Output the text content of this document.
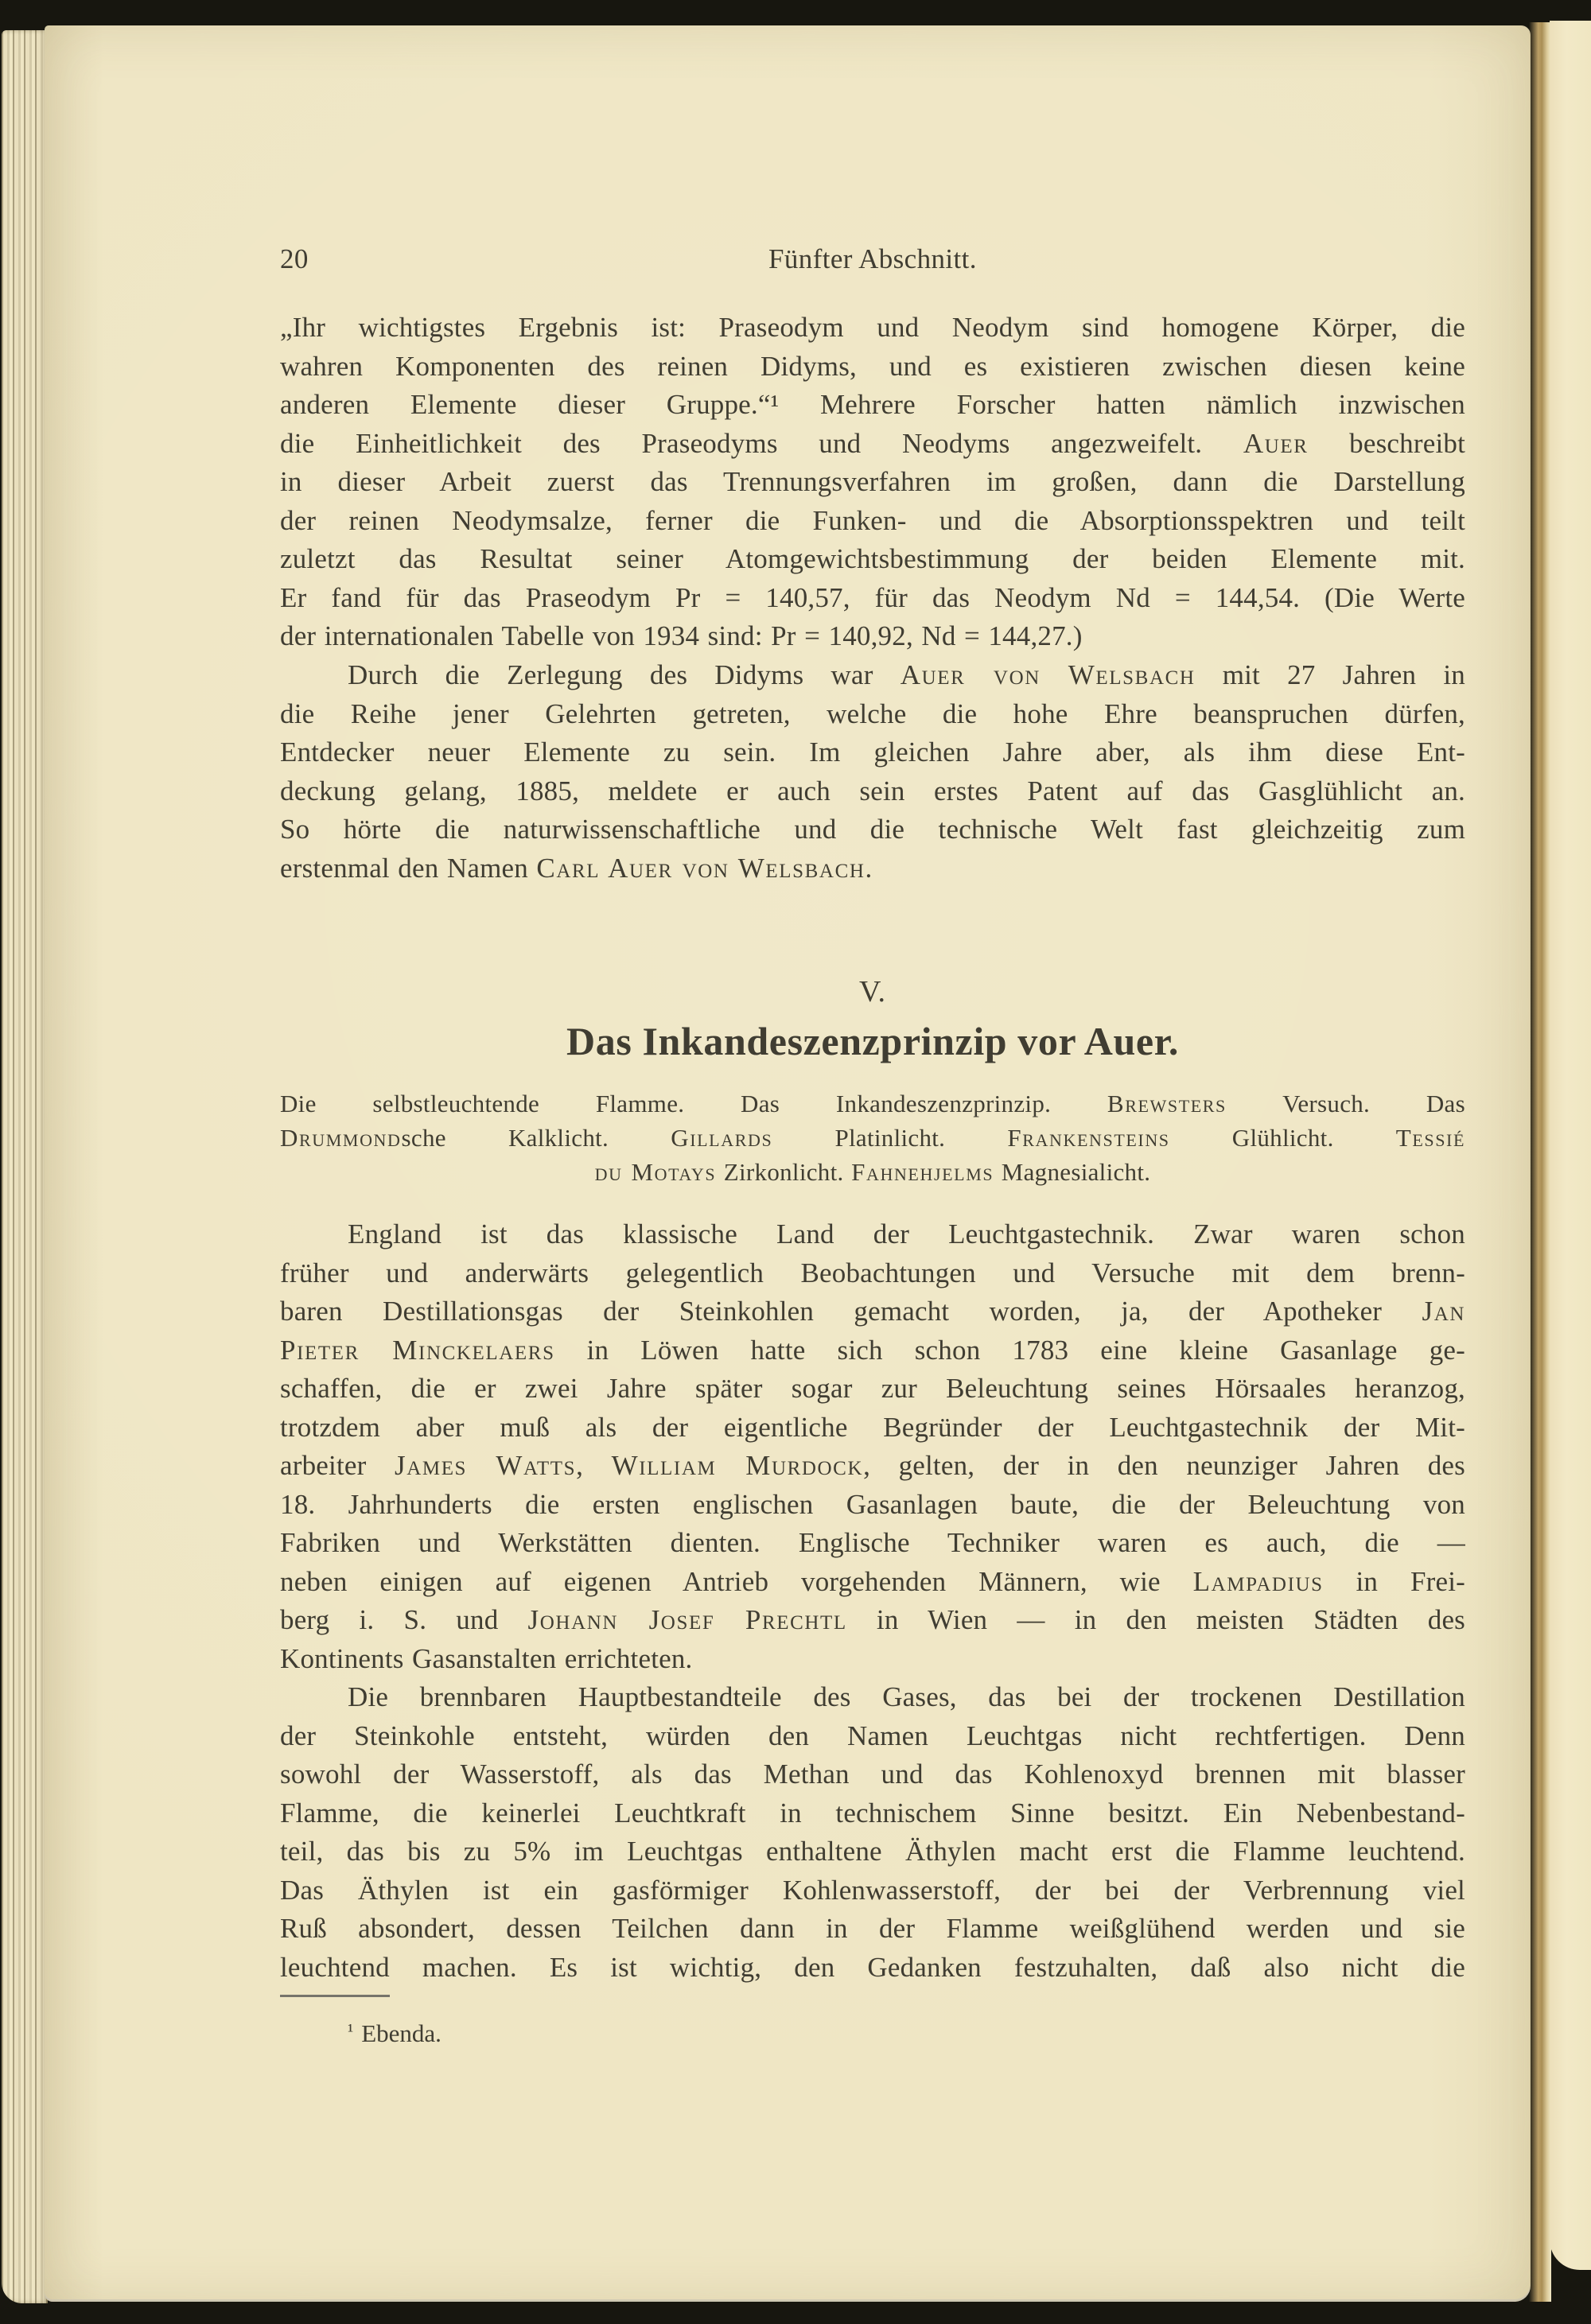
20	Fünfter Abschnitt.
„Ihr wichtigstes Ergebnis ist: Praseodym und Neodym sind homogene Körper, die
wahren Komponenten des reinen Didyms, und es existieren zwischen diesen keine
anderen Elemente dieser Gruppe.“¹ Mehrere Forscher hatten nämlich inzwischen
die Einheitlichkeit des Praseodyms und Neodyms angezweifelt. Auer beschreibt
in dieser Arbeit zuerst das Trennungsverfahren im großen, dann die Darstellung
der reinen Neodymsalze, ferner die Funken- und die Absorptionsspektren und teilt
zuletzt das Resultat seiner Atomgewichtsbestimmung der beiden Elemente mit.
Er fand für das Praseodym Pr = 140,57, für das Neodym Nd = 144,54. (Die Werte
der internationalen Tabelle von 1934 sind: Pr = 140,92, Nd = 144,27.)
Durch die Zerlegung des Didyms war Auer von Welsbach mit 27 Jahren in
die Reihe jener Gelehrten getreten, welche die hohe Ehre beanspruchen dürfen,
Entdecker neuer Elemente zu sein. Im gleichen Jahre aber, als ihm diese Ent-
deckung gelang, 1885, meldete er auch sein erstes Patent auf das Gasglühlicht an.
So hörte die naturwissenschaftliche und die technische Welt fast gleichzeitig zum
erstenmal den Namen Carl Auer von Welsbach.
V.
Das Inkandeszenzprinzip vor Auer.
Die selbstleuchtende Flamme. Das Inkandeszenzprinzip. Brewsters Versuch. Das
Drummondsche Kalklicht. Gillards Platinlicht. Frankensteins Glühlicht. Tessié
du Motays Zirkonlicht. Fahnehjelms Magnesialicht.
England ist das klassische Land der Leuchtgastechnik. Zwar waren schon
früher und anderwärts gelegentlich Beobachtungen und Versuche mit dem brenn-
baren Destillationsgas der Steinkohlen gemacht worden, ja, der Apotheker Jan
Pieter Minckelaers in Löwen hatte sich schon 1783 eine kleine Gasanlage ge-
schaffen, die er zwei Jahre später sogar zur Beleuchtung seines Hörsaales heranzog,
trotzdem aber muß als der eigentliche Begründer der Leuchtgastechnik der Mit-
arbeiter James Watts, William Murdock, gelten, der in den neunziger Jahren des
18. Jahrhunderts die ersten englischen Gasanlagen baute, die der Beleuchtung von
Fabriken und Werkstätten dienten. Englische Techniker waren es auch, die —
neben einigen auf eigenen Antrieb vorgehenden Männern, wie Lampadius in Frei-
berg i. S. und Johann Josef Prechtl in Wien — in den meisten Städten des
Kontinents Gasanstalten errichteten.
Die brennbaren Hauptbestandteile des Gases, das bei der trockenen Destillation
der Steinkohle entsteht, würden den Namen Leuchtgas nicht rechtfertigen. Denn
sowohl der Wasserstoff, als das Methan und das Kohlenoxyd brennen mit blasser
Flamme, die keinerlei Leuchtkraft in technischem Sinne besitzt. Ein Nebenbestand-
teil, das bis zu 5% im Leuchtgas enthaltene Äthylen macht erst die Flamme leuchtend.
Das Äthylen ist ein gasförmiger Kohlenwasserstoff, der bei der Verbrennung viel
Ruß absondert, dessen Teilchen dann in der Flamme weißglühend werden und sie
leuchtend machen. Es ist wichtig, den Gedanken festzuhalten, daß also nicht die
¹ Ebenda.
